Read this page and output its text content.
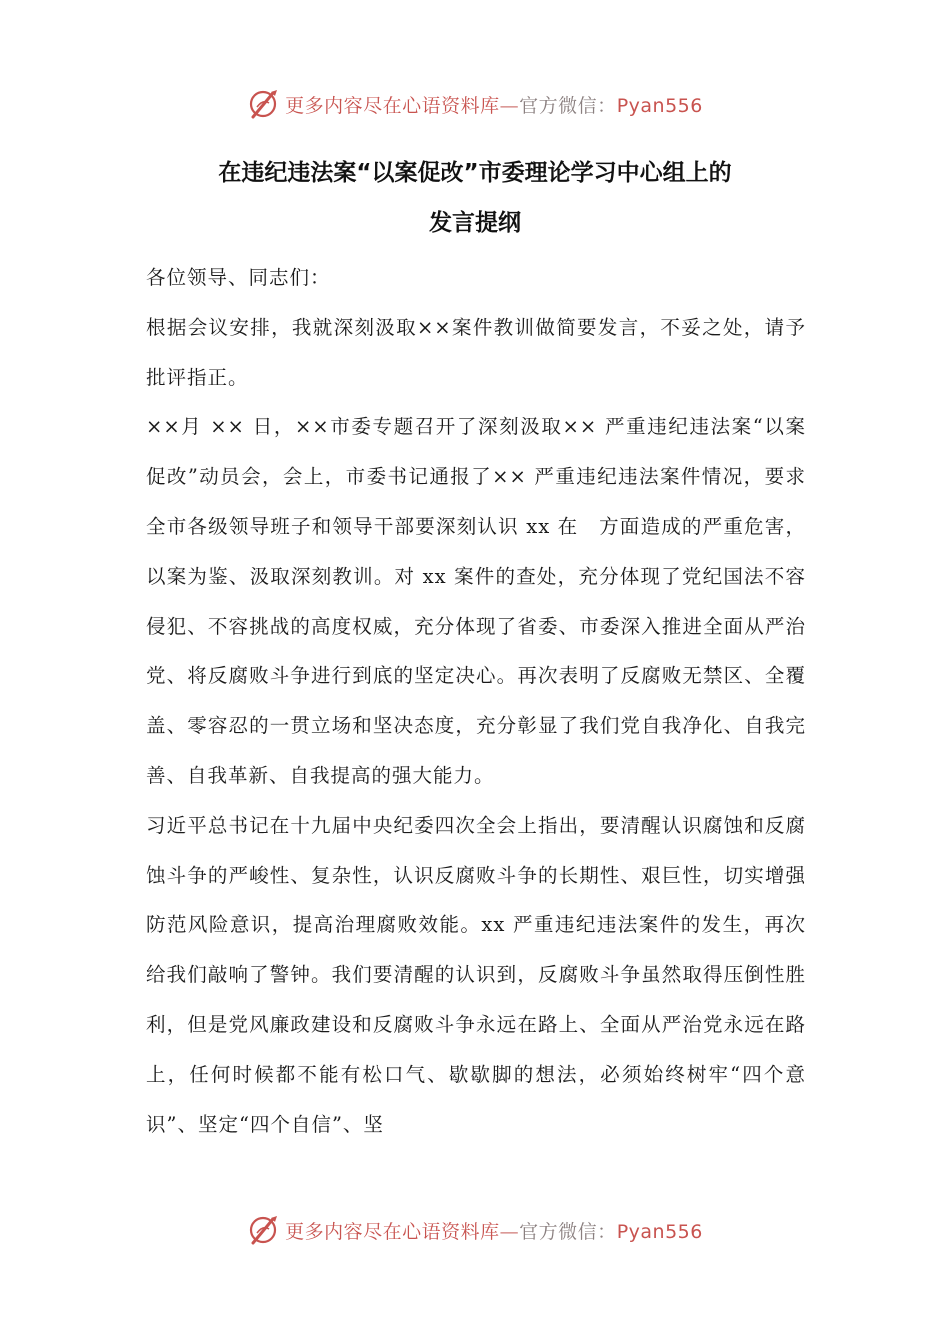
更多内容尽在心语资料库—官方微信：Pyan556
在违纪违法案“以案促改”市委理论学习中心组上的
发言提纲

各位领导、同志们：

根据会议安排，我就深刻汲取××案件教训做简要发言，不妥之处，请予批评指正。

××月 ×× 日，××市委专题召开了深刻汲取×× 严重违纪违法案“以案促改”动员会，会上，市委书记通报了×× 严重违纪违法案件情况，要求全市各级领导班子和领导干部要深刻认识 xx 在　方面造成的严重危害，以案为鉴、汲取深刻教训。对 xx 案件的查处，充分体现了党纪国法不容侵犯、不容挑战的高度权威，充分体现了省委、市委深入推进全面从严治党、将反腐败斗争进行到底的坚定决心。再次表明了反腐败无禁区、全覆盖、零容忍的一贯立场和坚决态度，充分彰显了我们党自我净化、自我完善、自我革新、自我提高的强大能力。

习近平总书记在十九届中央纪委四次全会上指出，要清醒认识腐蚀和反腐蚀斗争的严峻性、复杂性，认识反腐败斗争的长期性、艰巨性，切实增强防范风险意识，提高治理腐败效能。xx 严重违纪违法案件的发生，再次给我们敲响了警钟。我们要清醒的认识到，反腐败斗争虽然取得压倒性胜利，但是党风廉政建设和反腐败斗争永远在路上、全面从严治党永远在路上，任何时候都不能有松口气、歇歇脚的想法，必须始终树牢“四个意识”、坚定“四个自信”、坚

更多内容尽在心语资料库—官方微信：Pyan556
